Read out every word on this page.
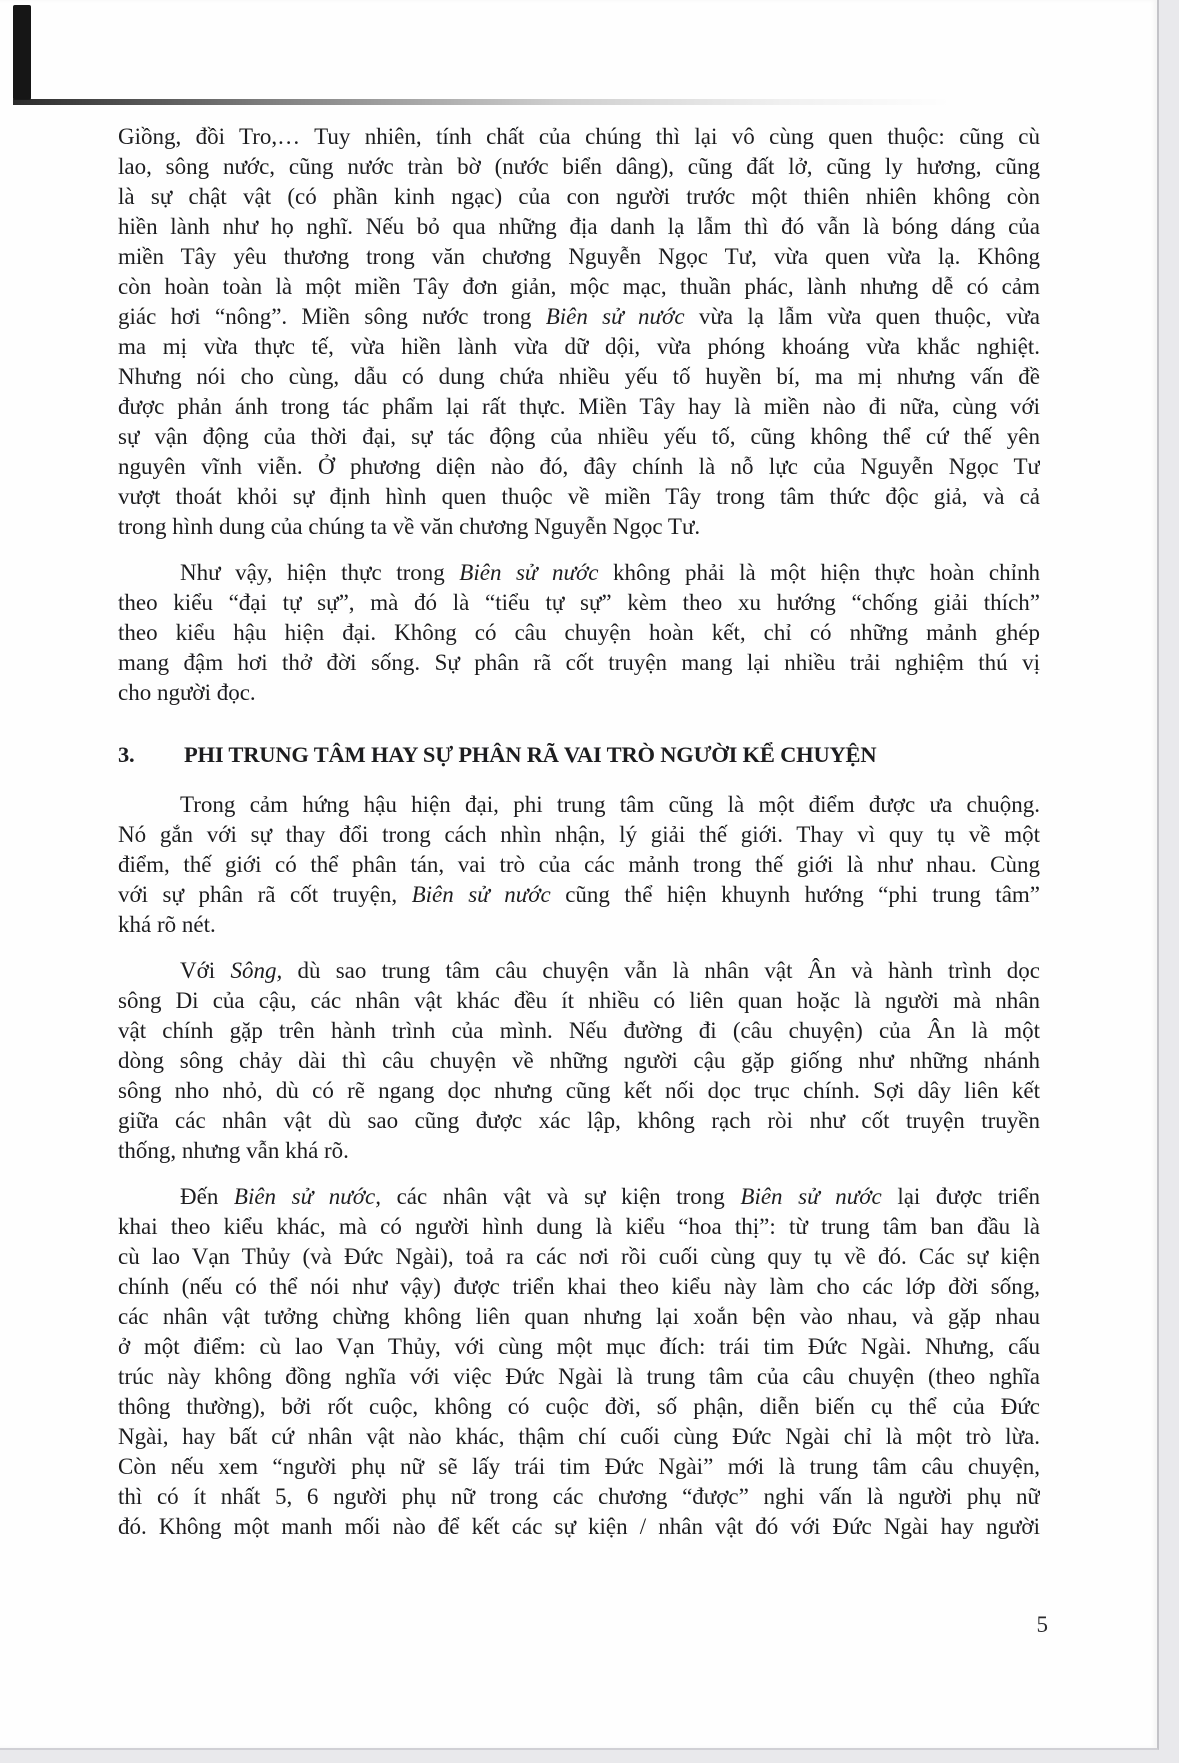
Giồng, đồi Tro,… Tuy nhiên, tính chất của chúng thì lại vô cùng quen thuộc: cũng cù
lao, sông nước, cũng nước tràn bờ (nước biển dâng), cũng đất lở, cũng ly hương, cũng
là sự chật vật (có phần kinh ngạc) của con người trước một thiên nhiên không còn
hiền lành như họ nghĩ. Nếu bỏ qua những địa danh lạ lẫm thì đó vẫn là bóng dáng của
miền Tây yêu thương trong văn chương Nguyễn Ngọc Tư, vừa quen vừa lạ. Không
còn hoàn toàn là một miền Tây đơn giản, mộc mạc, thuần phác, lành nhưng dễ có cảm
giác hơi “nông”. Miền sông nước trong Biên sử nước vừa lạ lẫm vừa quen thuộc, vừa
ma mị vừa thực tế, vừa hiền lành vừa dữ dội, vừa phóng khoáng vừa khắc nghiệt.
Nhưng nói cho cùng, dẫu có dung chứa nhiều yếu tố huyền bí, ma mị nhưng vấn đề
được phản ánh trong tác phẩm lại rất thực. Miền Tây hay là miền nào đi nữa, cùng với
sự vận động của thời đại, sự tác động của nhiều yếu tố, cũng không thể cứ thế yên
nguyên vĩnh viễn. Ở phương diện nào đó, đây chính là nỗ lực của Nguyễn Ngọc Tư
vượt thoát khỏi sự định hình quen thuộc về miền Tây trong tâm thức độc giả, và cả
trong hình dung của chúng ta về văn chương Nguyễn Ngọc Tư.
Như vậy, hiện thực trong Biên sử nước không phải là một hiện thực hoàn chỉnh
theo kiểu “đại tự sự”, mà đó là “tiểu tự sự” kèm theo xu hướng “chống giải thích”
theo kiểu hậu hiện đại. Không có câu chuyện hoàn kết, chỉ có những mảnh ghép
mang đậm hơi thở đời sống. Sự phân rã cốt truyện mang lại nhiều trải nghiệm thú vị
cho người đọc.
3. PHI TRUNG TÂM HAY SỰ PHÂN RÃ VAI TRÒ NGƯỜI KỂ CHUYỆN
Trong cảm hứng hậu hiện đại, phi trung tâm cũng là một điểm được ưa chuộng.
Nó gắn với sự thay đổi trong cách nhìn nhận, lý giải thế giới. Thay vì quy tụ về một
điểm, thế giới có thể phân tán, vai trò của các mảnh trong thế giới là như nhau. Cùng
với sự phân rã cốt truyện, Biên sử nước cũng thể hiện khuynh hướng “phi trung tâm”
khá rõ nét.
Với Sông, dù sao trung tâm câu chuyện vẫn là nhân vật Ân và hành trình dọc
sông Di của cậu, các nhân vật khác đều ít nhiều có liên quan hoặc là người mà nhân
vật chính gặp trên hành trình của mình. Nếu đường đi (câu chuyện) của Ân là một
dòng sông chảy dài thì câu chuyện về những người cậu gặp giống như những nhánh
sông nho nhỏ, dù có rẽ ngang dọc nhưng cũng kết nối dọc trục chính. Sợi dây liên kết
giữa các nhân vật dù sao cũng được xác lập, không rạch ròi như cốt truyện truyền
thống, nhưng vẫn khá rõ.
Đến Biên sử nước, các nhân vật và sự kiện trong Biên sử nước lại được triển
khai theo kiểu khác, mà có người hình dung là kiểu “hoa thị”: từ trung tâm ban đầu là
cù lao Vạn Thủy (và Đức Ngài), toả ra các nơi rồi cuối cùng quy tụ về đó. Các sự kiện
chính (nếu có thể nói như vậy) được triển khai theo kiểu này làm cho các lớp đời sống,
các nhân vật tưởng chừng không liên quan nhưng lại xoắn bện vào nhau, và gặp nhau
ở một điểm: cù lao Vạn Thủy, với cùng một mục đích: trái tim Đức Ngài. Nhưng, cấu
trúc này không đồng nghĩa với việc Đức Ngài là trung tâm của câu chuyện (theo nghĩa
thông thường), bởi rốt cuộc, không có cuộc đời, số phận, diễn biến cụ thể của Đức
Ngài, hay bất cứ nhân vật nào khác, thậm chí cuối cùng Đức Ngài chỉ là một trò lừa.
Còn nếu xem “người phụ nữ sẽ lấy trái tim Đức Ngài” mới là trung tâm câu chuyện,
thì có ít nhất 5, 6 người phụ nữ trong các chương “được” nghi vấn là người phụ nữ
đó. Không một manh mối nào để kết các sự kiện / nhân vật đó với Đức Ngài hay người
5
